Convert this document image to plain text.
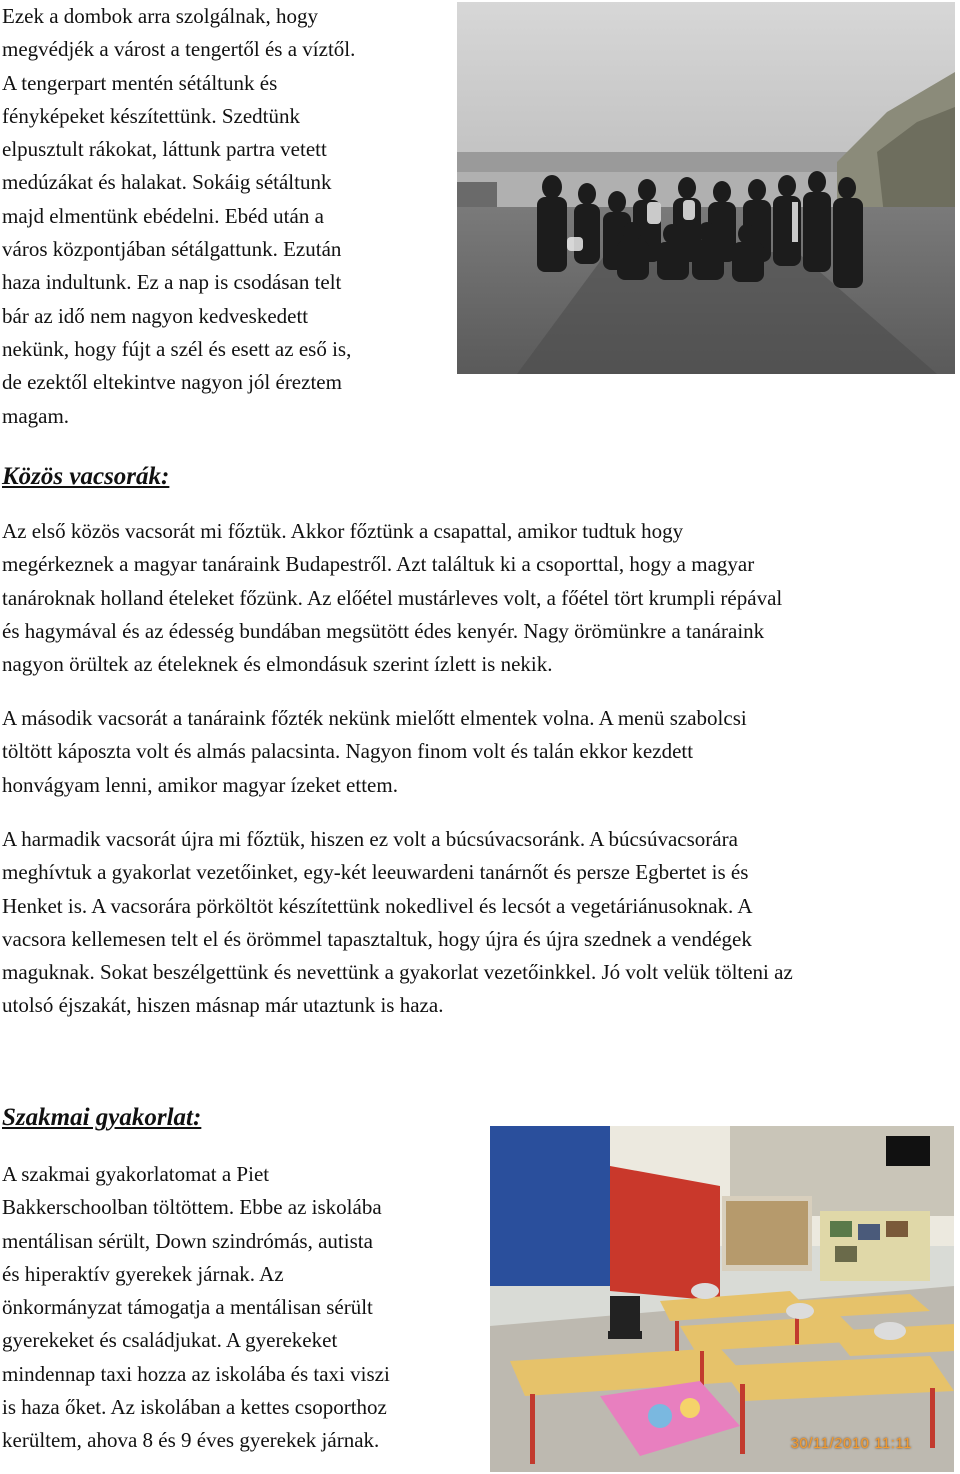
Ezek a dombok arra szolgálnak, hogy
megvédjék a várost a tengertől és a víztől.
A tengerpart mentén sétáltunk és
fényképeket készítettünk. Szedtünk
elpusztult rákokat, láttunk partra vetett
medúzákat és halakat. Sokáig sétáltunk
majd elmentünk ebédelni. Ebéd után a
város központjában sétálgattunk. Ezután
haza indultunk. Ez a nap is csodásan telt
bár az idő nem nagyon kedveskedett
nekünk, hogy fújt a szél és esett az eső is,
de ezektől eltekintve nagyon jól éreztem
magam.
Közös vacsorák:
Az első közös vacsorát mi főztük. Akkor főztünk a csapattal, amikor tudtuk hogy
megérkeznek a magyar tanáraink Budapestről. Azt találtuk ki a csoporttal, hogy a magyar
tanároknak holland ételeket főzünk. Az előétel mustárleves volt, a főétel tört krumpli répával
és hagymával és az édesség bundában megsütött édes kenyér. Nagy örömünkre a tanáraink
nagyon örültek az ételeknek és elmondásuk szerint ízlett is nekik.
A második vacsorát a tanáraink főzték nekünk mielőtt elmentek volna. A menü szabolcsi
töltött káposzta volt és almás palacsinta. Nagyon finom volt és talán ekkor kezdett
honvágyam lenni, amikor magyar ízeket ettem.
A harmadik vacsorát újra mi főztük, hiszen ez volt a búcsúvacsoránk. A búcsúvacsorára
meghívtuk a gyakorlat vezetőinket, egy-két leeuwardeni tanárnőt és persze Egbertet is és
Henket is. A vacsorára pörköltöt készítettünk nokedlivel és lecsót a vegetáriánusoknak. A
vacsora kellemesen telt el és örömmel tapasztaltuk, hogy újra és újra szednek a vendégek
maguknak. Sokat beszélgettünk és nevettünk a gyakorlat vezetőinkkel. Jó volt velük tölteni az
utolsó éjszakát, hiszen másnap már utaztunk is haza.
Szakmai gyakorlat:
A szakmai gyakorlatomat a Piet
Bakkerschoolban töltöttem. Ebbe az iskolába
mentálisan sérült, Down szindrómás, autista
és hiperaktív gyerekek járnak. Az
önkormányzat támogatja a mentálisan sérült
gyerekeket és családjukat. A gyerekeket
mindennap taxi hozza az iskolába és taxi viszi
is haza őket. Az iskolában a kettes csoporthoz
kerültem, ahova 8 és 9 éves gyerekek járnak.	30/11/2010 11:11
